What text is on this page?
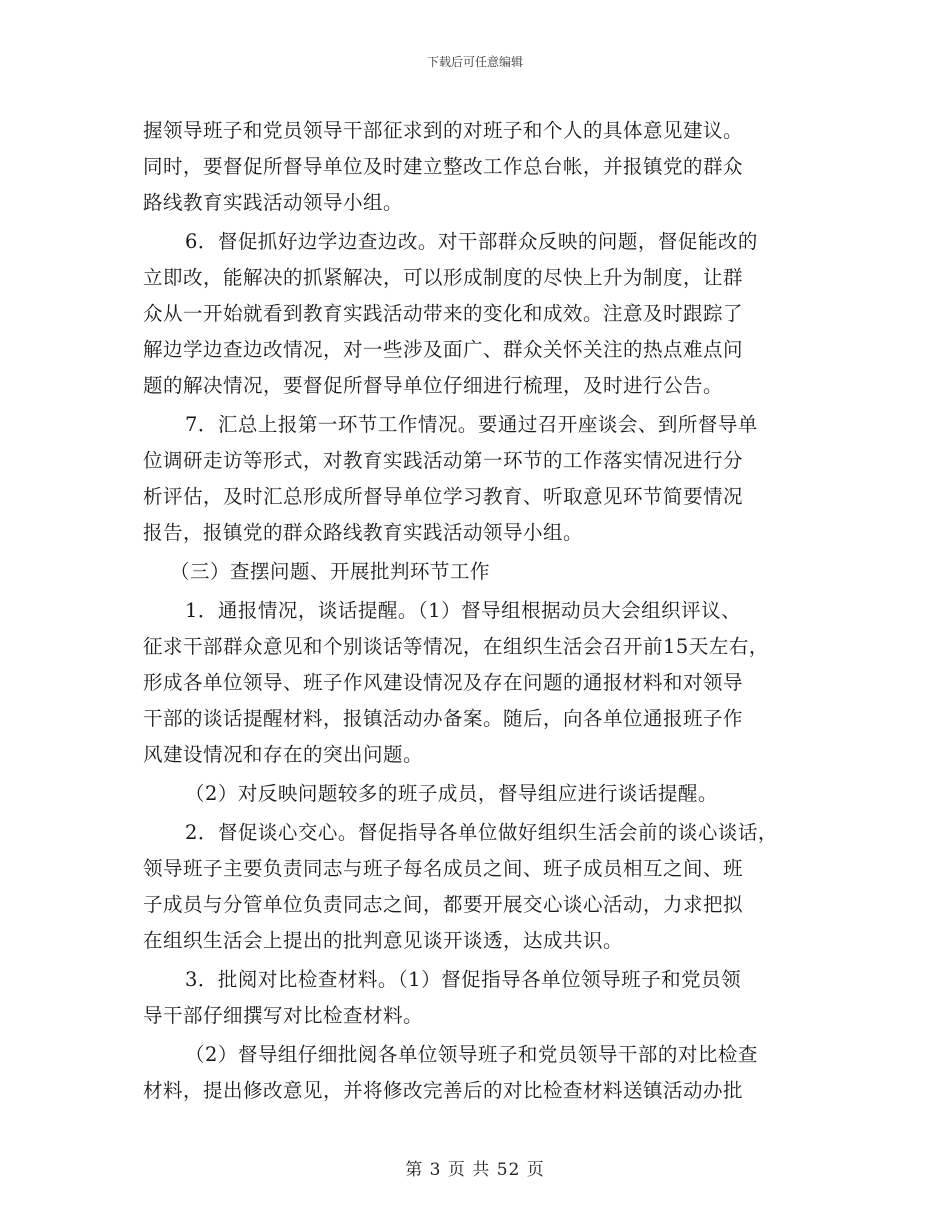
下载后可任意编辑
握领导班子和党员领导干部征求到的对班子和个人的具体意见建议。
同时，要督促所督导单位及时建立整改工作总台帐，并报镇党的群众
路线教育实践活动领导小组。
6．督促抓好边学边查边改。对干部群众反映的问题，督促能改的
立即改，能解决的抓紧解决，可以形成制度的尽快上升为制度，让群
众从一开始就看到教育实践活动带来的变化和成效。注意及时跟踪了
解边学边查边改情况，对一些涉及面广、群众关怀关注的热点难点问
题的解决情况，要督促所督导单位仔细进行梳理，及时进行公告。
7．汇总上报第一环节工作情况。要通过召开座谈会、到所督导单
位调研走访等形式，对教育实践活动第一环节的工作落实情况进行分
析评估，及时汇总形成所督导单位学习教育、听取意见环节简要情况
报告，报镇党的群众路线教育实践活动领导小组。
（三）查摆问题、开展批判环节工作
1．通报情况，谈话提醒。（1）督导组根据动员大会组织评议、
征求干部群众意见和个别谈话等情况，在组织生活会召开前15天左右，
形成各单位领导、班子作风建设情况及存在问题的通报材料和对领导
干部的谈话提醒材料，报镇活动办备案。随后，向各单位通报班子作
风建设情况和存在的突出问题。
（2）对反映问题较多的班子成员，督导组应进行谈话提醒。
2．督促谈心交心。督促指导各单位做好组织生活会前的谈心谈话，
领导班子主要负责同志与班子每名成员之间、班子成员相互之间、班
子成员与分管单位负责同志之间，都要开展交心谈心活动，力求把拟
在组织生活会上提出的批判意见谈开谈透，达成共识。
3．批阅对比检查材料。（1）督促指导各单位领导班子和党员领
导干部仔细撰写对比检查材料。
（2）督导组仔细批阅各单位领导班子和党员领导干部的对比检查
材料，提出修改意见，并将修改完善后的对比检查材料送镇活动办批
第 3 页 共 52 页
